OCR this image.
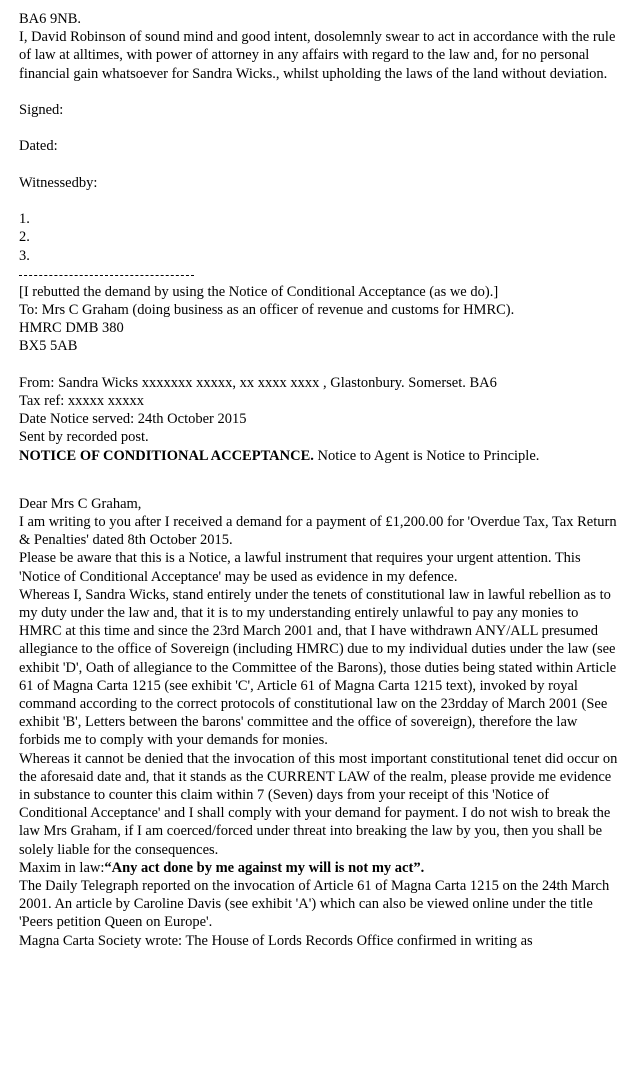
BA6 9NB.
I, David Robinson of sound mind and good intent, dosolemnly swear to act in accordance with the rule of law at alltimes, with power of attorney in any affairs with regard to the law and, for no personal financial gain whatsoever for Sandra Wicks., whilst upholding the laws of the land without deviation.
Signed:
Dated:
Witnessedby:
1.
2.
3.
[I rebutted the demand by using the Notice of Conditional Acceptance (as we do).]
To: Mrs C Graham (doing business as an officer of revenue and customs for HMRC).
HMRC DMB 380
BX5 5AB
From: Sandra Wicks xxxxxxx xxxxx, xx xxxx xxxx , Glastonbury. Somerset. BA6
Tax ref: xxxxx xxxxx
Date Notice served: 24th October 2015
Sent by recorded post.
NOTICE OF CONDITIONAL ACCEPTANCE. Notice to Agent is Notice to Principle.
Dear Mrs C Graham,
I am writing to you after I received a demand for a payment of £1,200.00 for 'Overdue Tax, Tax Return & Penalties' dated 8th October 2015.
Please be aware that this is a Notice, a lawful instrument that requires your urgent attention. This 'Notice of Conditional Acceptance' may be used as evidence in my defence.
Whereas I, Sandra Wicks, stand entirely under the tenets of constitutional law in lawful rebellion as to my duty under the law and, that it is to my understanding entirely unlawful to pay any monies to HMRC at this time and since the 23rd March 2001 and, that I have withdrawn ANY/ALL presumed allegiance to the office of Sovereign (including HMRC) due to my individual duties under the law (see exhibit 'D', Oath of allegiance to the Committee of the Barons), those duties being stated within Article 61 of Magna Carta 1215 (see exhibit 'C', Article 61 of Magna Carta 1215 text), invoked by royal command according to the correct protocols of constitutional law on the 23rdday of March 2001 (See exhibit 'B', Letters between the barons' committee and the office of sovereign), therefore the law forbids me to comply with your demands for monies.
Whereas it cannot be denied that the invocation of this most important constitutional tenet did occur on the aforesaid date and, that it stands as the CURRENT LAW of the realm, please provide me evidence in substance to counter this claim within 7 (Seven) days from your receipt of this 'Notice of Conditional Acceptance' and I shall comply with your demand for payment. I do not wish to break the law Mrs Graham, if I am coerced/forced under threat into breaking the law by you, then you shall be solely liable for the consequences.
Maxim in law:“Any act done by me against my will is not my act”.
The Daily Telegraph reported on the invocation of Article 61 of Magna Carta 1215 on the 24th March 2001. An article by Caroline Davis (see exhibit 'A') which can also be viewed online under the title 'Peers petition Queen on Europe'.
Magna Carta Society wrote: The House of Lords Records Office confirmed in writing as
